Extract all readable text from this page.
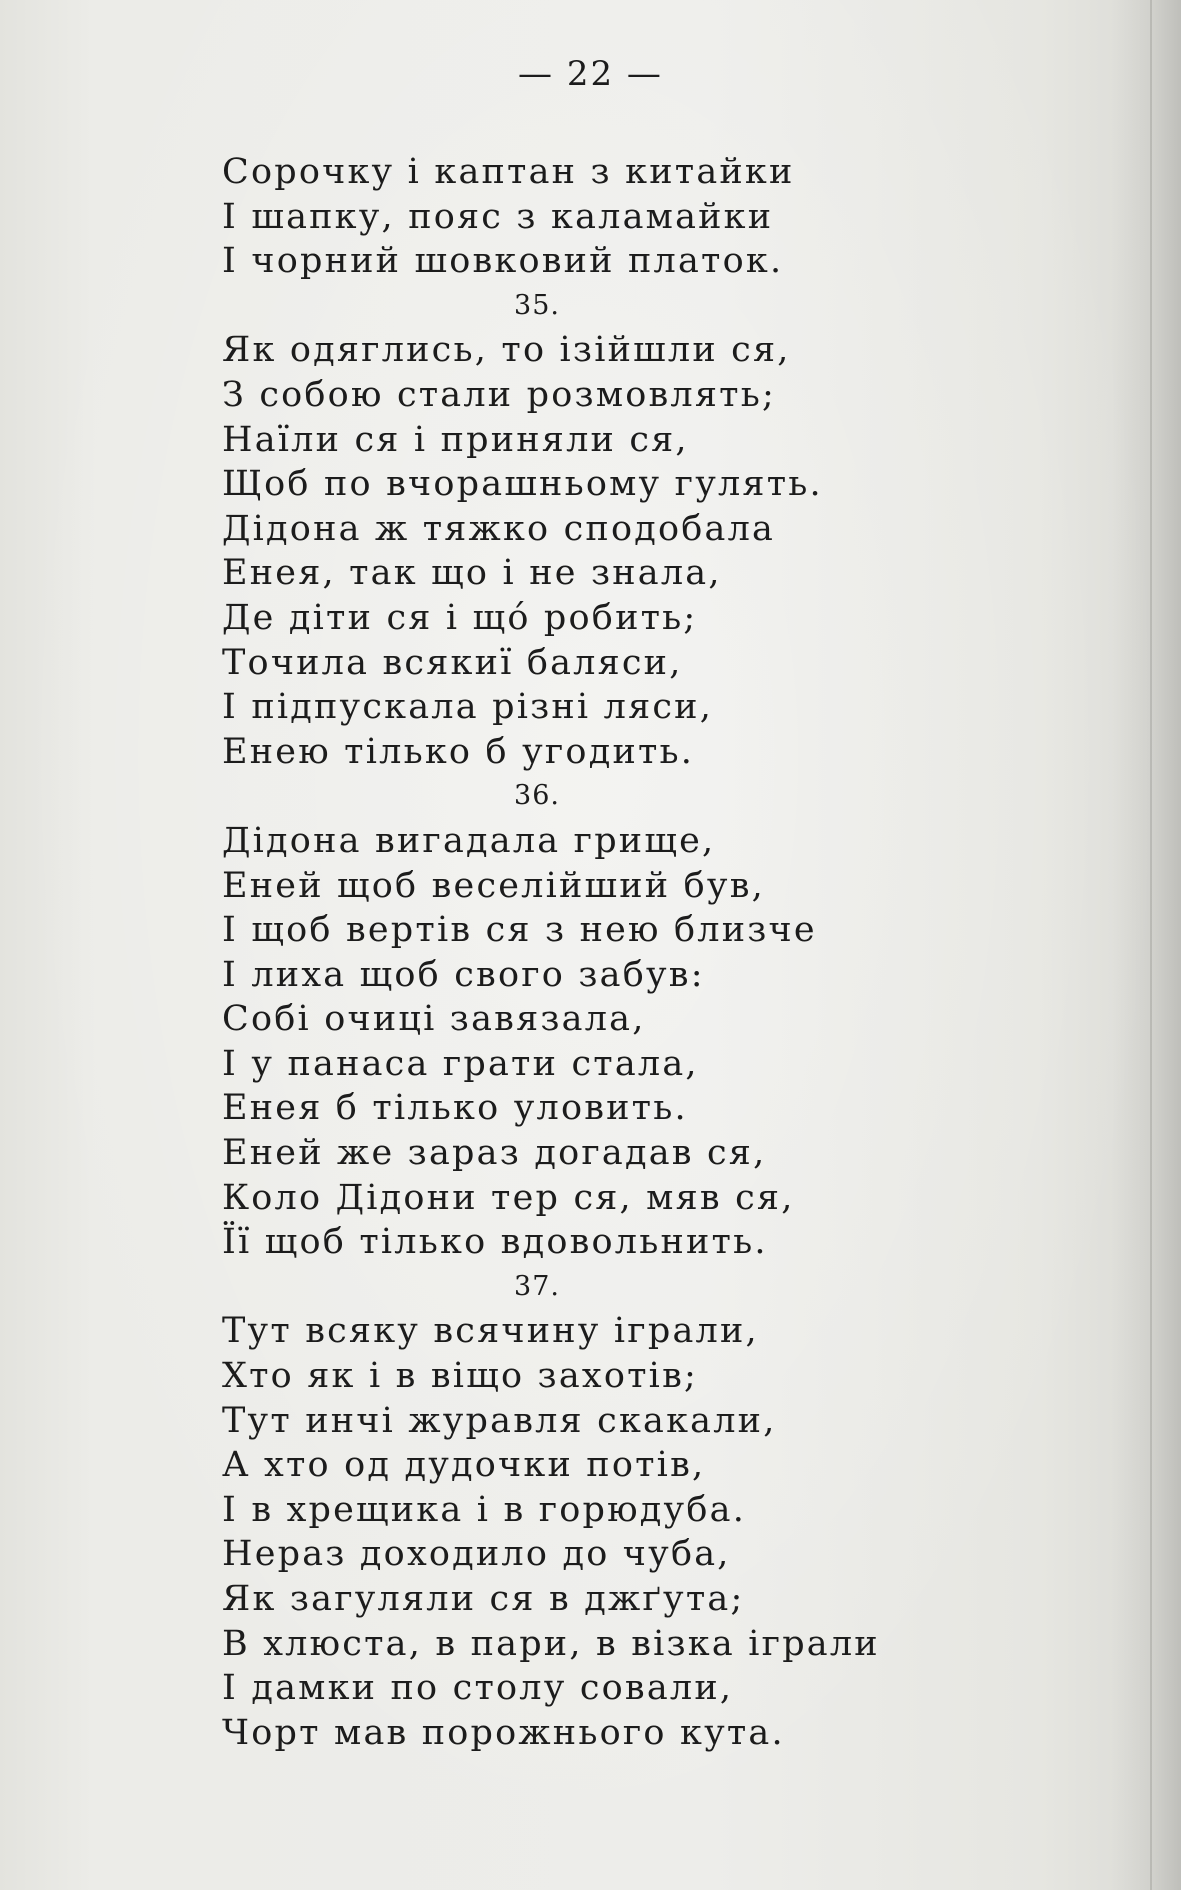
— 22 —
Сорочку і каптан з китайки
І шапку, пояс з каламайки
І чорний шовковий платок.
35.
Як одяглись, то ізійшли ся,
З собою стали розмовлять;
Наїли ся і приняли ся,
Щоб по вчорашньому гулять.
Дідона ж тяжко сподобала
Енея, так що і не знала,
Де діти ся і що́ робить;
Точила всякиї баляси,
І підпускала різні ляси,
Енею тілько б угодить.
36.
Дідона вигадала грище,
Еней щоб веселійший був,
І щоб вертів ся з нею близче
І лиха щоб свого забув:
Собі очиці завязала,
І у панаса грати стала,
Енея б тілько уловить.
Еней же зараз догадав ся,
Коло Дідони тер ся, мяв ся,
Її щоб тілько вдовольнить.
37.
Тут всяку всячину іграли,
Хто як і в віщо захотів;
Тут инчі журавля скакали,
А хто од дудочки потів,
І в хрещика і в горюдуба.
Нераз доходило до чуба,
Як загуляли ся в джґута;
В хлюста, в пари, в візка іграли
І дамки по столу совали,
Чорт мав порожнього кута.
